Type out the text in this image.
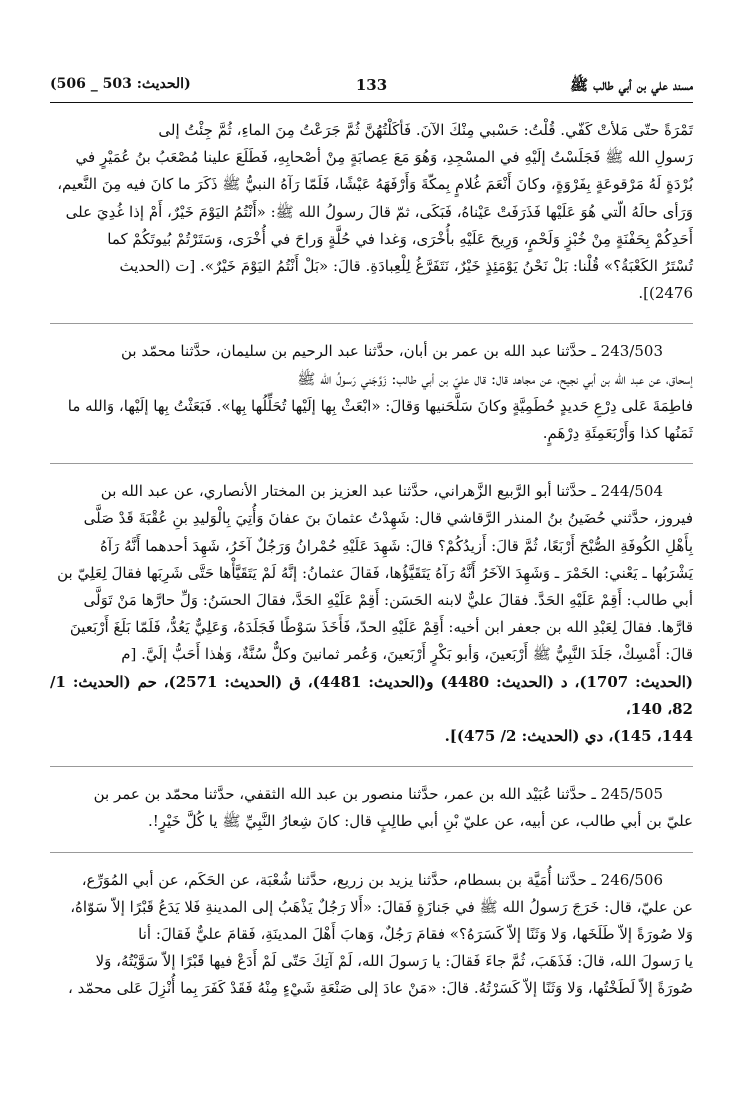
مسند علي بن أبي طالب ﷺ
133
(الحديث: 503 _ 506)
تَمْرَةً حتّى مَلأتْ كَفّي. قُلْتُ: حَسْبي مِنْكَ الآنَ. فَأكَلْتُهُنَّ ثُمَّ جَرَعْتُ مِنَ الماءِ، ثُمَّ جِئْتُ إلى
رَسولِ الله ﷺ فَجَلَسْتُ إلَيْهِ في المسْجِدِ، وَهُوَ مَعَ عِصابَةٍ مِنْ أصْحابِهِ، فَطَلَعَ علينا مُصْعَبُ بنُ عُمَيْرٍ في
بُرْدَةٍ لَهُ مَرْقوعَةٍ بِفَرْوَةٍ، وكانَ أَنْعَمَ غُلامٍ بِمكّةَ وَأَرْفَهَهُ عَيْشًا، فَلَمّا رَآهُ النبيُّ ﷺ ذَكَرَ ما كانَ فيه مِنَ النَّعيم،
وَرَأى حالَهُ الّتي هُوَ عَلَيْها فَذَرَفَتْ عَيْناهُ، فَبَكَى، ثمّ قالَ رسولُ الله ﷺ: «أَنْتُمُ اليَوْمَ خَيْرٌ، أَمْ إذا غُدِيَ على
أَحَدِكُمْ بِحَفْنَةٍ مِنْ خُبْزٍ وَلَحْمٍ، وَرِيحَ عَلَيْهِ بأُخْرَى، وَغدا في حُلَّةٍ وَراحَ في أُخْرَى، وَسَتَرْتُمْ بُيوتَكُمْ كما
تُسْتَرُ الكَعْبَةُ؟» قُلْنا: بَلْ نَحْنُ يَوْمَئِذٍ خَيْرٌ، نَتَفَرَّغُ لِلْعِبادَةِ. قالَ: «بَلْ أَنْتُمُ اليَوْمَ خَيْرٌ». [ت (الحديث
2476)].
243/503 ـ حدَّثنا عبد الله بن عمر بن أبان، حدَّثنا عبد الرحيم بن سليمان، حدَّثنا محمّد بن
إسحاق، عن عبد الله بن أبي نجيح، عن مجاهد قال: قال عليّ بن أبي طالب: زَوَّجَني رَسولُ الله ﷺ
فاطِمَةَ عَلى دِرْعِ حَديدٍ حُطَمِيَّةٍ وكانَ سَلَّحَنيها وَقالَ: «ابْعَثْ بِها إلَيْها تُحَلِّلُها بِها». فَبَعَثْتُ بِها إلَيْها، وَالله ما
ثَمَنُها كذا وَأَرْبَعَمِئَةِ دِرْهَمٍ.
244/504 ـ حدَّثنا أبو الرَّبيع الزَّهراني، حدَّثنا عبد العزيز بن المختار الأنصاري، عن عبد الله بن
فيروز، حدَّثني حُضَينُ بنُ المنذر الرَّقاشي قال: شَهِدْتُ عثمانَ بنَ عفانَ وَأُتِيَ بِالْوَليدِ بنِ عُقْبَةَ قَدْ صَلَّى
بِأَهْلِ الكُوفَةِ الصُّبْحَ أَرْبَعًا، ثُمَّ قالَ: أَزيدُكُمْ؟ قالَ: شَهِدَ عَلَيْهِ حُمْرانُ وَرَجُلٌ آخَرُ، شَهِدَ أحدهما أَنَّهُ رَآهُ
يَشْرَبُها ـ يَعْني: الخَمْرَ ـ وَشَهِدَ الآخَرُ أَنَّهُ رَآهُ يَتَقَيَّؤُها، فَقالَ عثمانُ: إنَّهُ لَمْ يَتَقَيَّأْها حَتَّى شَرِبَها فقالَ لِعَلِيّ بن
أبي طالب: أَقِمْ عَلَيْهِ الحَدَّ. فقالَ عليٌّ لابنه الحَسَن: أَقِمْ عَلَيْهِ الحَدَّ، فقالَ الحسَنُ: وَلِّ حارَّها مَنْ تَوَلَّى
قارَّها. فقالَ لِعَبْدِ الله بن جعفر ابن أخيه: أَقِمْ عَلَيْهِ الحدّ، فَأَخَذَ سَوْطًا فَجَلَدَهُ، وَعَلِيٌّ يَعُدُّ، فَلَمّا بَلَغَ أَرْبَعينَ
قالَ: أَمْسِكْ، جَلَدَ النَّبِيُّ ﷺ أَرْبَعينَ، وَأبو بَكْرٍ أَرْبَعينَ، وَعُمر ثمانينَ وكلٌّ سُنَّةٌ، وَهٰذا أَحَبُّ إلَيَّ. [م
(الحديث: 1707)، د (الحديث: 4480) و(الحديث: 4481)، ق (الحديث: 2571)، حم (الحديث: 1/ 82، 140،
144، 145)، دي (الحديث: 2/ 475)].
245/505 ـ حدَّثنا عُبَيْد الله بن عمر، حدَّثنا منصور بن عبد الله الثقفي، حدَّثنا محمّد بن عمر بن
عليّ بن أبي طالب، عن أبيه، عن عليّ بْنِ أبي طالِبٍ قال: كانَ شِعارُ النَّبِيِّ ﷺ يا كُلَّ خَيْرٍ!.
246/506 ـ حدَّثنا أُمَيَّة بن بسطام، حدَّثنا يزيد بن زريع، حدَّثنا شُعْبَة، عن الحَكَم، عن أبي المُوَرِّع،
عن عليّ، قال: خَرَجَ رَسولُ الله ﷺ في جَنازَةٍ فَقالَ: «أَلا رَجُلٌ يَذْهَبُ إلى المدينةِ فَلا يَدَعُ قَبْرًا إلاّ سَوّاهُ،
وَلا صُورَةً إلاّ طَلَخَها، وَلا وَثَنًا إلاّ كَسَرَهُ؟» فقامَ رَجُلٌ، وَهابَ أَهْلَ المدينَةِ، فَقامَ عليٌّ فَقالَ: أنا
يا رَسولَ الله، قالَ: فَذَهَبَ، ثُمَّ جاءَ فَقالَ: يا رَسولَ الله، لَمْ آتِكَ حَتّى لَمْ أَدَعْ فيها قَبْرًا إلاّ سَوَّيْتُهُ، وَلا
صُورَةً إلاّ لَطَخْتُها، وَلا وَثَنًا إلاّ كَسَرْتُهُ. قالَ: «مَنْ عادَ إلى صَنْعَةِ شَيْءٍ مِنْهُ فَقَدْ كَفَرَ بِما أُنْزِلَ عَلى محمّد ،
